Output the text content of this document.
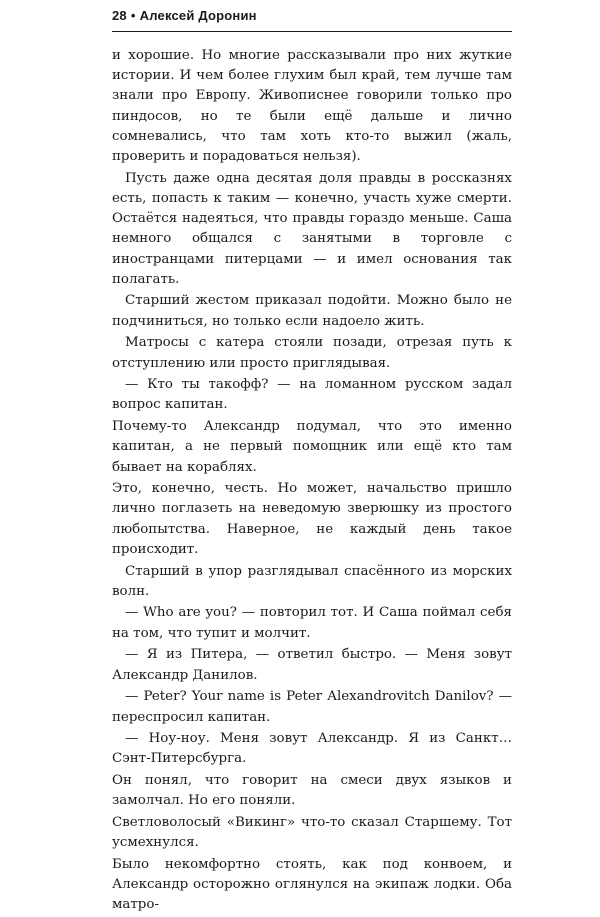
28 • Алексей Доронин

и хорошие. Но многие рассказывали про них жуткие истории. И чем более глухим был край, тем лучше там знали про Европу. Живописнее говорили только про пиндосов, но те были ещё дальше и лично сомневались, что там хоть кто-то выжил (жаль, проверить и порадоваться нельзя).

Пусть даже одна десятая доля правды в россказнях есть, попасть к таким — конечно, участь хуже смерти. Остаётся надеяться, что правды гораздо меньше. Саша немного общался с занятыми в торговле с иностранцами питерцами — и имел основания так полагать.

Старший жестом приказал подойти. Можно было не подчиниться, но только если надоело жить.

Матросы с катера стояли позади, отрезая путь к отступлению или просто приглядывая.

— Кто ты такофф? — на ломанном русском задал вопрос капитан.

Почему-то Александр подумал, что это именно капитан, а не первый помощник или ещё кто там бывает на кораблях.

Это, конечно, честь. Но может, начальство пришло лично поглазеть на неведомую зверюшку из простого любопытства. Наверное, не каждый день такое происходит.

Старший в упор разглядывал спасённого из морских волн.

— Who are you? — повторил тот. И Саша поймал себя на том, что тупит и молчит.

— Я из Питера, — ответил быстро. — Меня зовут Александр Данилов.

— Peter? Your name is Peter Alexandrovitch Danilov? — переспросил капитан.

— Ноу-ноу. Меня зовут Александр. Я из Санкт… Сэнт-Питерсбурга.

Он понял, что говорит на смеси двух языков и замолчал. Но его поняли.

Светловолосый «Викинг» что-то сказал Старшему. Тот усмехнулся.

Было некомфортно стоять, как под конвоем, и Александр осторожно оглянулся на экипаж лодки. Оба матро-
